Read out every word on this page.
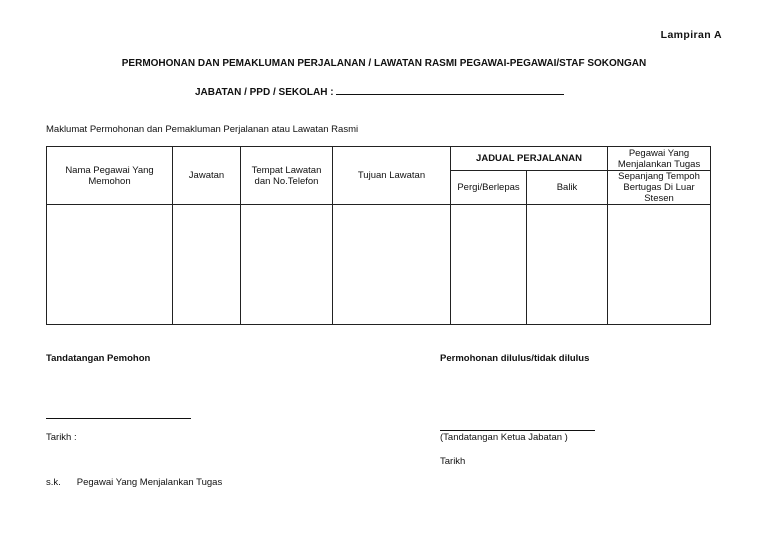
Lampiran A
PERMOHONAN DAN PEMAKLUMAN PERJALANAN / LAWATAN RASMI PEGAWAI-PEGAWAI/STAF SOKONGAN
JABATAN / PPD / SEKOLAH :
Maklumat Permohonan dan Pemakluman Perjalanan atau Lawatan Rasmi
Nama Pegawai Yang Memohon	Jawatan	Tempat Lawatan dan No.Telefon	Tujuan Lawatan	JADUAL PERJALANAN		Pegawai Yang Menjalankan Tugas
				Pergi/Berlepas	Balik	Sepanjang Tempoh Bertugas Di Luar Stesen

Tandatangan Pemohon	Permohonan dilulus/tidak dilulus
Tarikh :	(Tandatangan Ketua Jabatan )
Tarikh
s.k. Pegawai Yang Menjalankan Tugas
